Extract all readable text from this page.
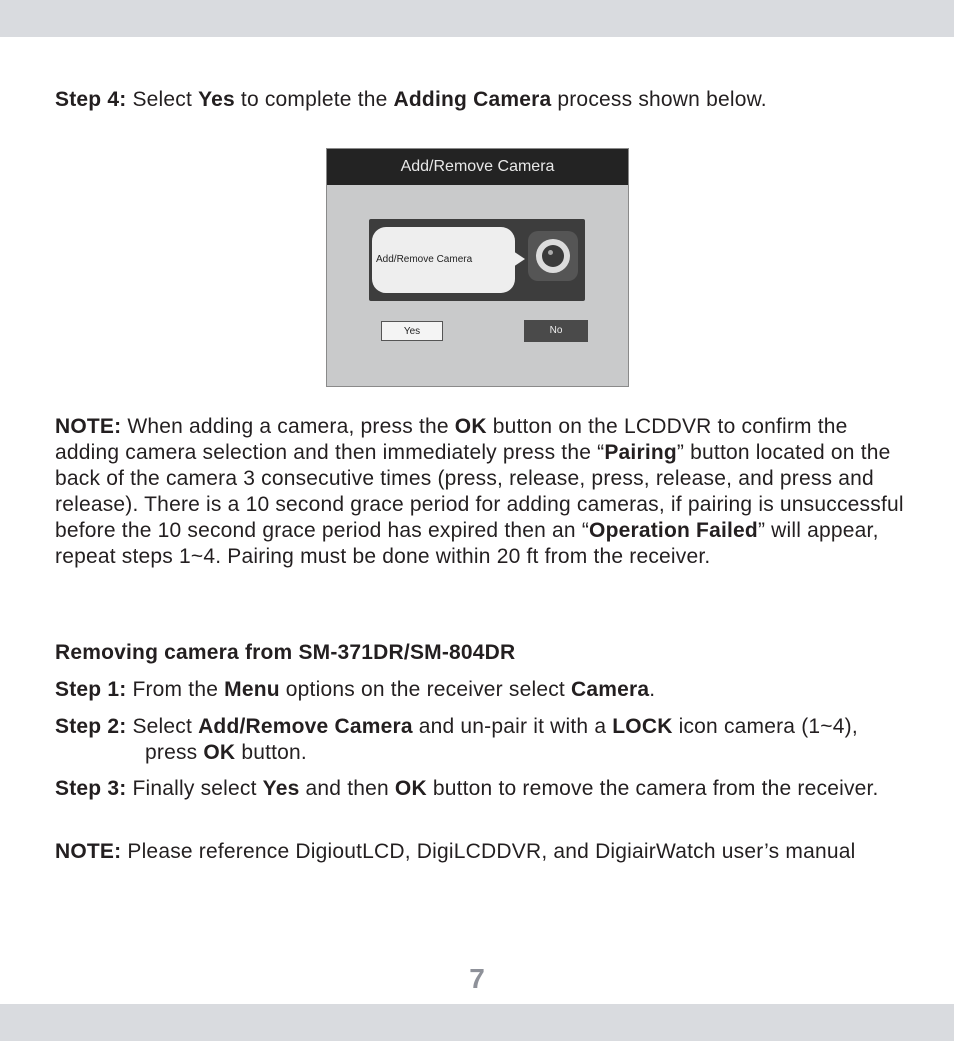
Step 4: Select Yes to complete the Adding Camera process shown below.
Add/Remove Camera
Add/Remove Camera
Yes	No
NOTE: When adding a camera, press the OK button on the LCDDVR to confirm the adding camera selection and then immediately press the “Pairing” button located on the back of the camera 3 consecutive times (press, release, press, release, and press and release). There is a 10 second grace period for adding cameras, if pairing is unsuccessful before the 10 second grace period has expired then an “Operation Failed” will appear, repeat steps 1~4. Pairing must be done within 20 ft from the receiver.
Removing camera from SM-371DR/SM-804DR
Step 1: From the Menu options on the receiver select Camera.
Step 2: Select Add/Remove Camera and un-pair it with a LOCK icon camera (1~4), press OK button.
Step 3: Finally select Yes and then OK button to remove the camera from the receiver.
NOTE: Please reference DigioutLCD, DigiLCDDVR, and DigiairWatch user’s manual
7
